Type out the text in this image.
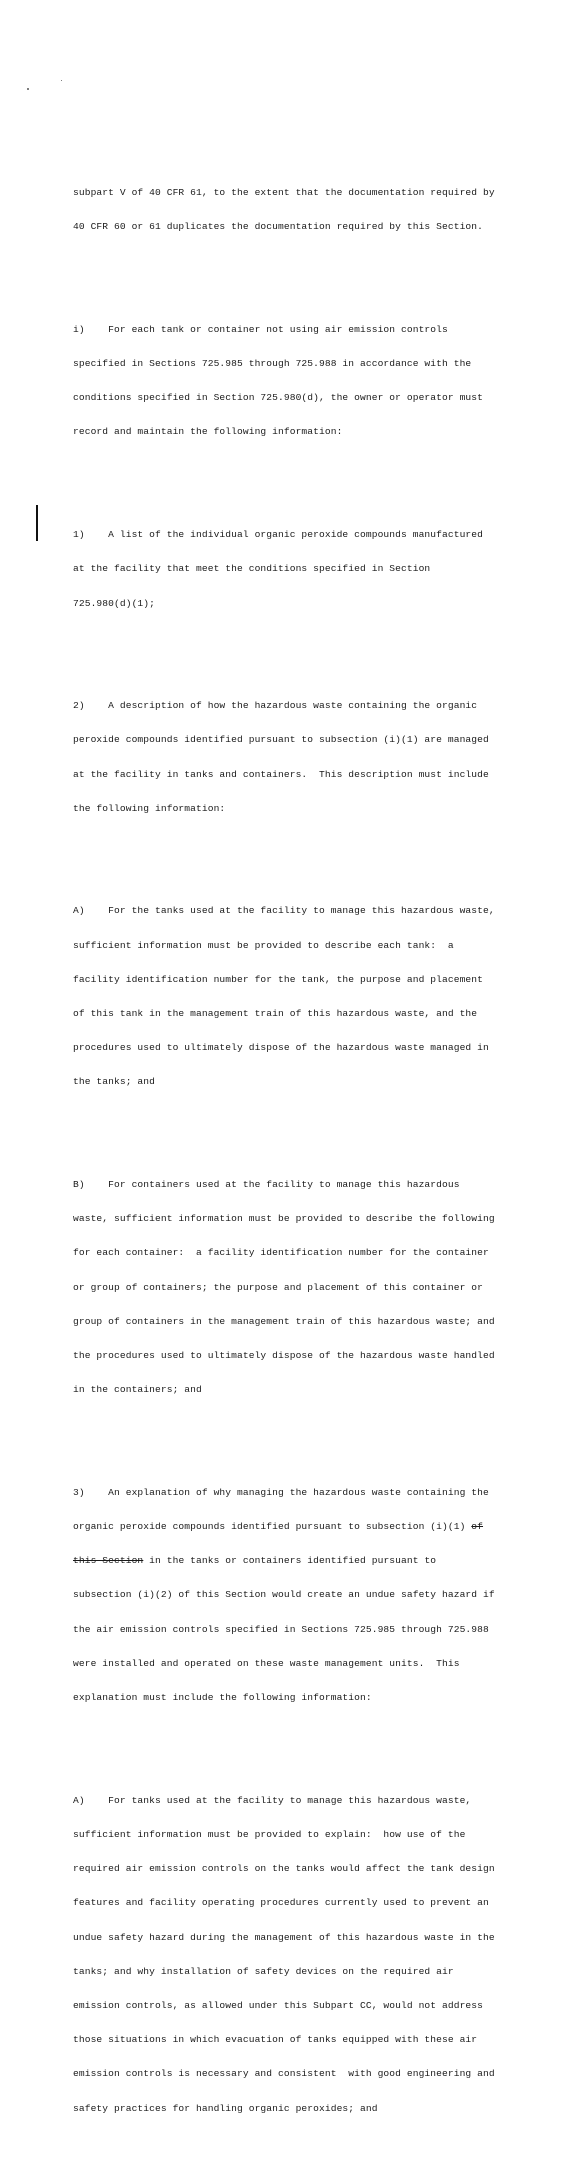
subpart V of 40 CFR 61, to the extent that the documentation required by

40 CFR 60 or 61 duplicates the documentation required by this Section.

i)    For each tank or container not using air emission controls

specified in Sections 725.985 through 725.988 in accordance with the

conditions specified in Section 725.980(d), the owner or operator must

record and maintain the following information:

1)    A list of the individual organic peroxide compounds manufactured

at the facility that meet the conditions specified in Section

725.980(d)(1);

2)    A description of how the hazardous waste containing the organic

peroxide compounds identified pursuant to subsection (i)(1) are managed

at the facility in tanks and containers.  This description must include

the following information:

A)    For the tanks used at the facility to manage this hazardous waste,

sufficient information must be provided to describe each tank:  a

facility identification number for the tank, the purpose and placement

of this tank in the management train of this hazardous waste, and the

procedures used to ultimately dispose of the hazardous waste managed in

the tanks; and

B)    For containers used at the facility to manage this hazardous

waste, sufficient information must be provided to describe the following

for each container:  a facility identification number for the container

or group of containers; the purpose and placement of this container or

group of containers in the management train of this hazardous waste; and

the procedures used to ultimately dispose of the hazardous waste handled

in the containers; and

3)    An explanation of why managing the hazardous waste containing the

organic peroxide compounds identified pursuant to subsection (i)(1) of

this Section in the tanks or containers identified pursuant to

subsection (i)(2) of this Section would create an undue safety hazard if

the air emission controls specified in Sections 725.985 through 725.988

were installed and operated on these waste management units.  This

explanation must include the following information:

A)    For tanks used at the facility to manage this hazardous waste,

sufficient information must be provided to explain:  how use of the

required air emission controls on the tanks would affect the tank design

features and facility operating procedures currently used to prevent an

undue safety hazard during the management of this hazardous waste in the

tanks; and why installation of safety devices on the required air

emission controls, as allowed under this Subpart CC, would not address

those situations in which evacuation of tanks equipped with these air

emission controls is necessary and consistent  with good engineering and

safety practices for handling organic peroxides; and
